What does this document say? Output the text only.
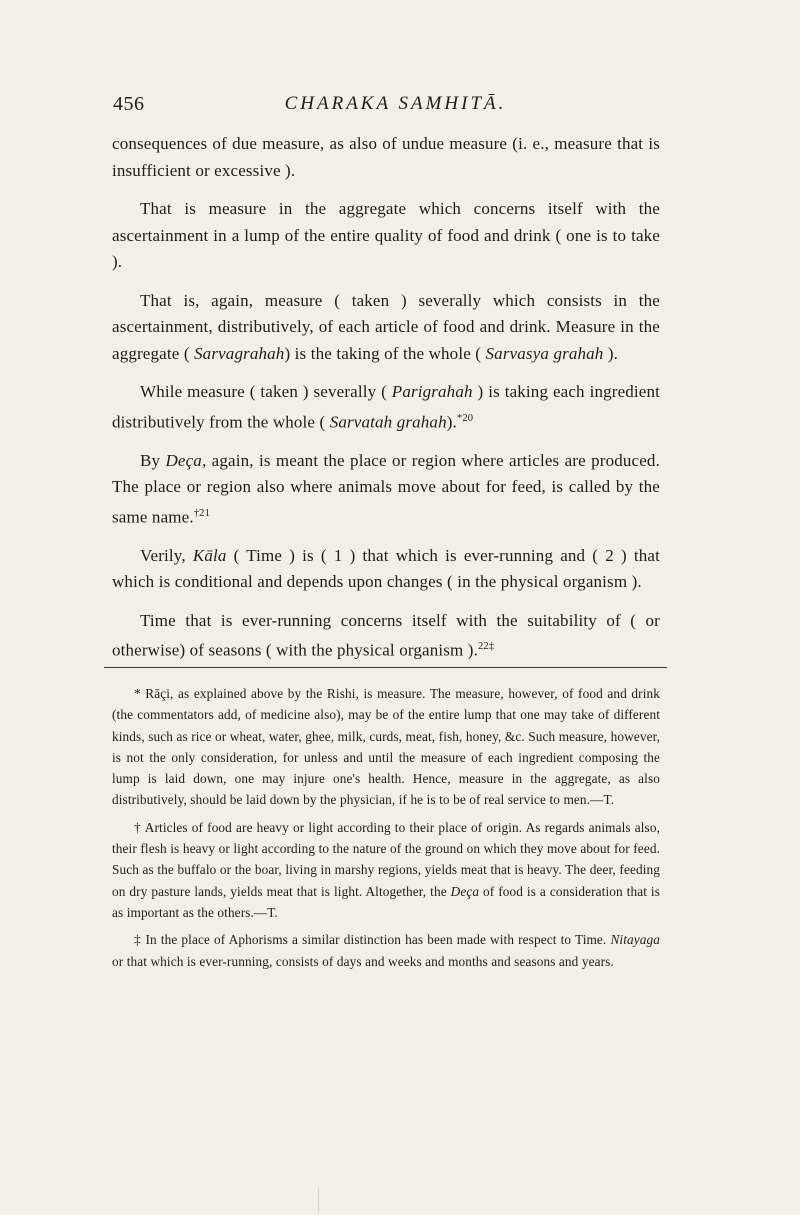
456	CHARAKA SAMHITĀ.

consequences of due measure, as also of undue measure (i. e., measure that is insufficient or excessive ).

That is measure in the aggregate which concerns itself with the ascertainment in a lump of the entire quality of food and drink ( one is to take ).

That is, again, measure ( taken ) severally which consists in the ascertainment, distributively, of each article of food and drink. Measure in the aggregate ( Sarvagrahah) is the taking of the whole ( Sarvasya grahah ).

While measure ( taken ) severally ( Parigrahah ) is taking each ingredient distributively from the whole ( Sarvatah grahah).$^{*20}$

By Deça, again, is meant the place or region where articles are produced. The place or region also where animals move about for feed, is called by the same name.$^{\dagger 21}$

Verily, Kāla ( Time ) is ( 1 ) that which is ever-running and ( 2 ) that which is conditional and depends upon changes ( in the physical organism ).

Time that is ever-running concerns itself with the suitability of ( or otherwise) of seasons ( with the physical organism ).$^{22\ddagger}$

* Rāçi, as explained above by the Rishi, is measure. The measure, however, of food and drink (the commentators add, of medicine also), may be of the entire lump that one may take of different kinds, such as rice or wheat, water, ghee, milk, curds, meat, fish, honey, &c. Such measure, however, is not the only consideration, for unless and until the measure of each ingredient composing the lump is laid down, one may injure one's health. Hence, measure in the aggregate, as also distributively, should be laid down by the physician, if he is to be of real service to men.—T.

† Articles of food are heavy or light according to their place of origin. As regards animals also, their flesh is heavy or light according to the nature of the ground on which they move about for feed. Such as the buffalo or the boar, living in marshy regions, yields meat that is heavy. The deer, feeding on dry pasture lands, yields meat that is light. Altogether, the Deça of food is a consideration that is as important as the others.—T.

‡ In the place of Aphorisms a similar distinction has been made with respect to Time. Nitayaga or that which is ever-running, consists of days and weeks and months and seasons and years.
